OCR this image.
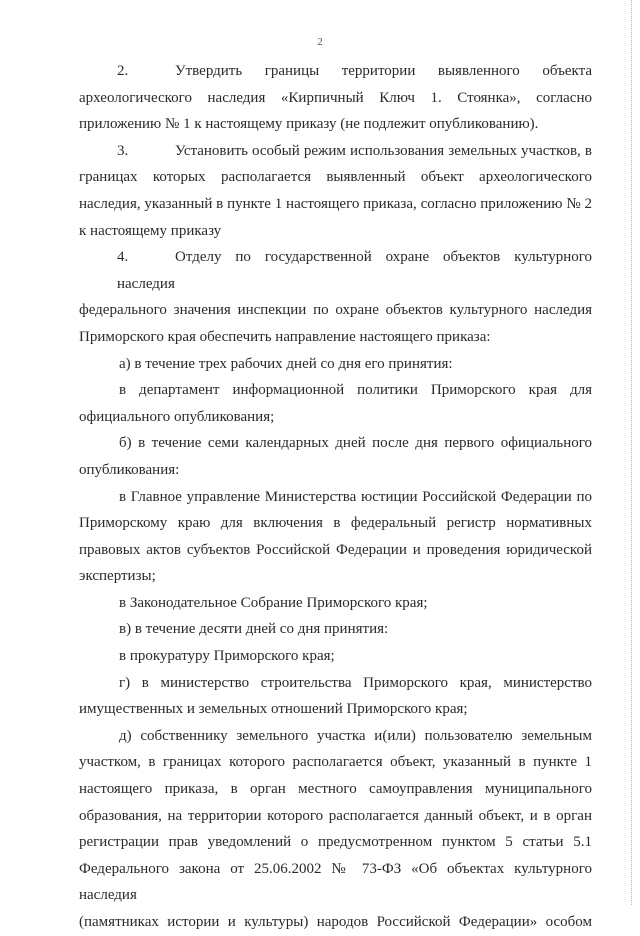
2

2.	Утвердить границы территории выявленного объекта
археологического наследия «Кирпичный Ключ 1. Стоянка», согласно
приложению № 1 к настоящему приказу (не подлежит опубликованию).

3.	Установить особый режим использования земельных участков, в
границах которых располагается выявленный объект археологического
наследия, указанный в пункте 1 настоящего приказа, согласно приложению № 2
к настоящему приказу

4.	Отделу по государственной охране объектов культурного наследия
федерального значения инспекции по охране объектов культурного наследия
Приморского края обеспечить направление настоящего приказа:

а) в течение трех рабочих дней со дня его принятия:

в департамент информационной политики Приморского края для
официального опубликования;

б) в течение семи календарных дней после дня первого официального
опубликования:

в Главное управление Министерства юстиции Российской Федерации по
Приморскому краю для включения в федеральный регистр нормативных
правовых актов субъектов Российской Федерации и проведения юридической
экспертизы;

в Законодательное Собрание Приморского края;

в) в течение десяти дней со дня принятия:

в прокуратуру Приморского края;

г) в министерство строительства Приморского края, министерство
имущественных и земельных отношений Приморского края;

д) собственнику земельного участка и(или) пользователю земельным
участком, в границах которого располагается объект, указанный в пункте 1
настоящего приказа, в орган местного самоуправления муниципального
образования, на территории которого располагается данный объект, и в орган
регистрации прав уведомлений о предусмотренном пунктом 5 статьи 5.1
Федерального закона от 25.06.2002 № 73-ФЗ «Об объектах культурного наследия
(памятниках истории и культуры) народов Российской Федерации» особом
